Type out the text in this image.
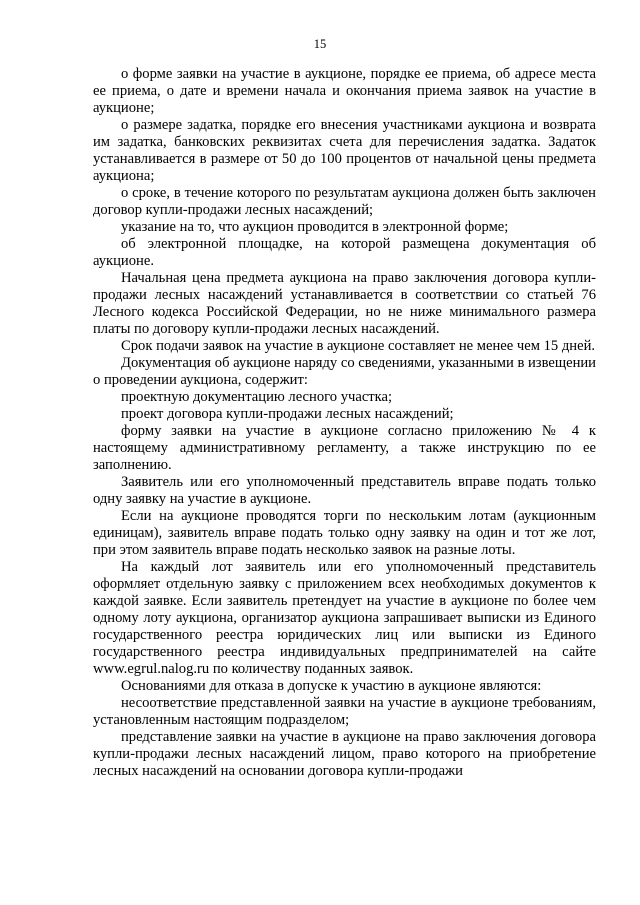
15

о форме заявки на участие в аукционе, порядке ее приема, об адресе места ее приема, о дате и времени начала и окончания приема заявок на участие в аукционе;

о размере задатка, порядке его внесения участниками аукциона и возврата им задатка, банковских реквизитах счета для перечисления задатка. Задаток устанавливается в размере от 50 до 100 процентов от начальной цены предмета аукциона;

о сроке, в течение которого по результатам аукциона должен быть заключен договор купли-продажи лесных насаждений;

указание на то, что аукцион проводится в электронной форме;

об электронной площадке, на которой размещена документация об аукционе.

Начальная цена предмета аукциона на право заключения договора купли-продажи лесных насаждений устанавливается в соответствии со статьей 76 Лесного кодекса Российской Федерации, но не ниже минимального размера платы по договору купли-продажи лесных насаждений.

Срок подачи заявок на участие в аукционе составляет не менее чем 15 дней.

Документация об аукционе наряду со сведениями, указанными в извещении о проведении аукциона, содержит:

проектную документацию лесного участка;

проект договора купли-продажи лесных насаждений;

форму заявки на участие в аукционе согласно приложению № 4 к настоящему административному регламенту, а также инструкцию по ее заполнению.

Заявитель или его уполномоченный представитель вправе подать только одну заявку на участие в аукционе.

Если на аукционе проводятся торги по нескольким лотам (аукционным единицам), заявитель вправе подать только одну заявку на один и тот же лот, при этом заявитель вправе подать несколько заявок на разные лоты.

На каждый лот заявитель или его уполномоченный представитель оформляет отдельную заявку с приложением всех необходимых документов к каждой заявке. Если заявитель претендует на участие в аукционе по более чем одному лоту аукциона, организатор аукциона запрашивает выписки из Единого государственного реестра юридических лиц или выписки из Единого государственного реестра индивидуальных предпринимателей на сайте www.egrul.nalog.ru по количеству поданных заявок.

Основаниями для отказа в допуске к участию в аукционе являются:

несоответствие представленной заявки на участие в аукционе требованиям, установленным настоящим подразделом;

представление заявки на участие в аукционе на право заключения договора купли-продажи лесных насаждений лицом, право которого на приобретение лесных насаждений на основании договора купли-продажи
